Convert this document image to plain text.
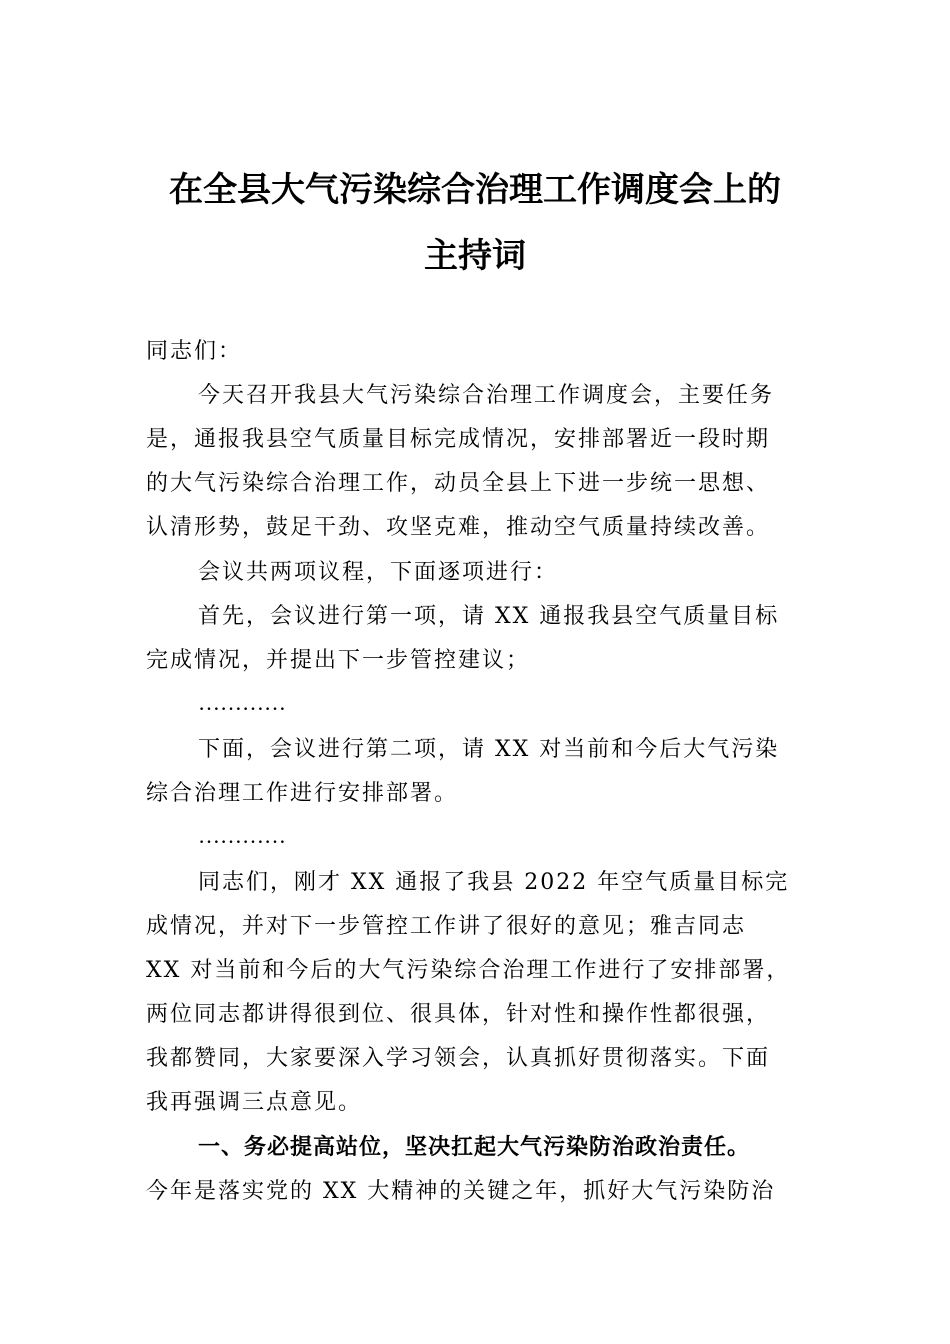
在全县大气污染综合治理工作调度会上的
主持词
同志们：
今天召开我县大气污染综合治理工作调度会，主要任务
是，通报我县空气质量目标完成情况，安排部署近一段时期
的大气污染综合治理工作，动员全县上下进一步统一思想、
认清形势，鼓足干劲、攻坚克难，推动空气质量持续改善。
会议共两项议程，下面逐项进行：
首先，会议进行第一项，请 XX 通报我县空气质量目标
完成情况，并提出下一步管控建议；
…………
下面，会议进行第二项，请 XX 对当前和今后大气污染
综合治理工作进行安排部署。
…………
同志们，刚才 XX 通报了我县 2022 年空气质量目标完
成情况，并对下一步管控工作讲了很好的意见；雅吉同志
XX 对当前和今后的大气污染综合治理工作进行了安排部署，
两位同志都讲得很到位、很具体，针对性和操作性都很强，
我都赞同，大家要深入学习领会，认真抓好贯彻落实。下面
我再强调三点意见。
一、务必提高站位，坚决扛起大气污染防治政治责任。
今年是落实党的 XX 大精神的关键之年，抓好大气污染防治
